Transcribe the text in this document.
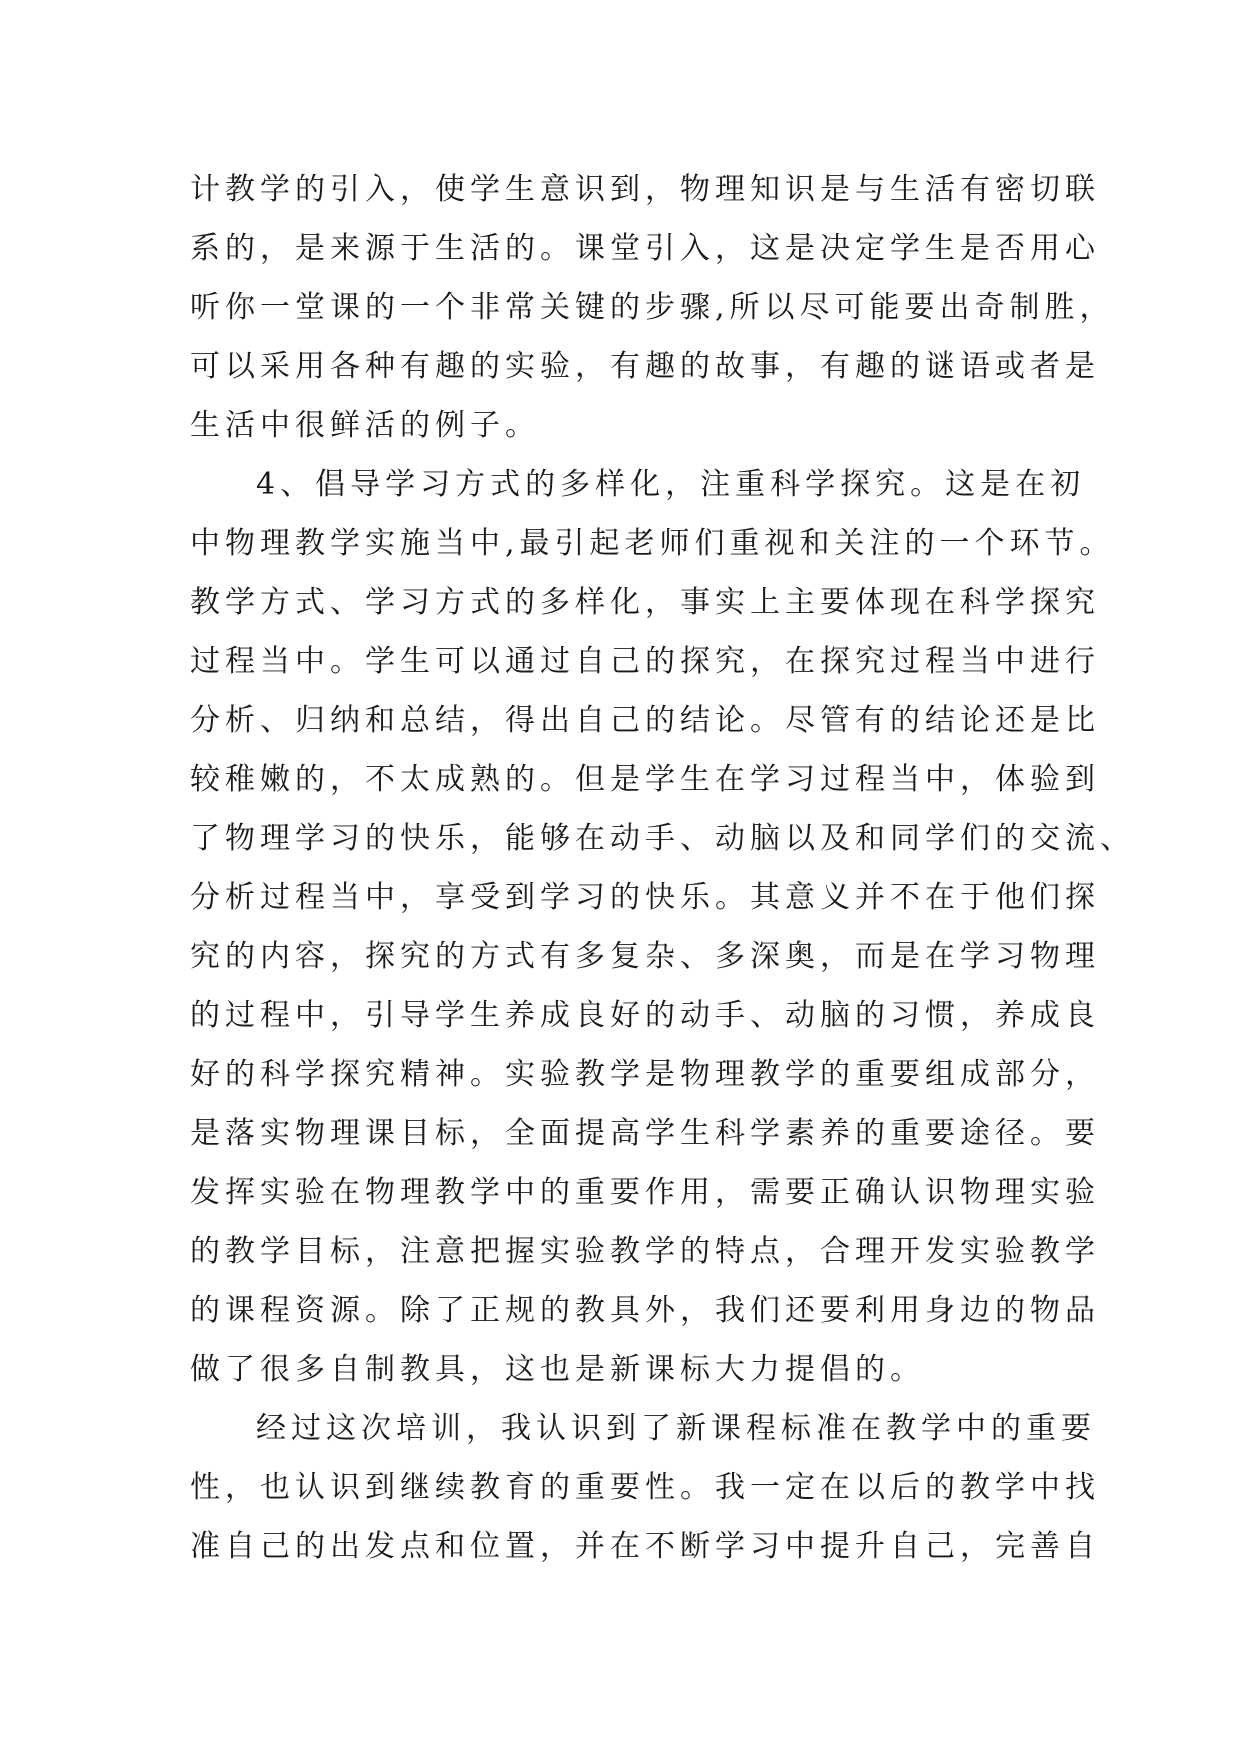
计教学的引入，使学生意识到，物理知识是与生活有密切联
系的，是来源于生活的。课堂引入，这是决定学生是否用心
听你一堂课的一个非常关键的步骤,所以尽可能要出奇制胜，
可以采用各种有趣的实验，有趣的故事，有趣的谜语或者是
生活中很鲜活的例子。
4、倡导学习方式的多样化，注重科学探究。这是在初
中物理教学实施当中,最引起老师们重视和关注的一个环节。
教学方式、学习方式的多样化，事实上主要体现在科学探究
过程当中。学生可以通过自己的探究，在探究过程当中进行
分析、归纳和总结，得出自己的结论。尽管有的结论还是比
较稚嫩的，不太成熟的。但是学生在学习过程当中，体验到
了物理学习的快乐，能够在动手、动脑以及和同学们的交流、
分析过程当中，享受到学习的快乐。其意义并不在于他们探
究的内容，探究的方式有多复杂、多深奥，而是在学习物理
的过程中，引导学生养成良好的动手、动脑的习惯，养成良
好的科学探究精神。实验教学是物理教学的重要组成部分，
是落实物理课目标，全面提高学生科学素养的重要途径。要
发挥实验在物理教学中的重要作用，需要正确认识物理实验
的教学目标，注意把握实验教学的特点，合理开发实验教学
的课程资源。除了正规的教具外，我们还要利用身边的物品
做了很多自制教具，这也是新课标大力提倡的。
经过这次培训，我认识到了新课程标准在教学中的重要
性，也认识到继续教育的重要性。我一定在以后的教学中找
准自己的出发点和位置，并在不断学习中提升自己，完善自
